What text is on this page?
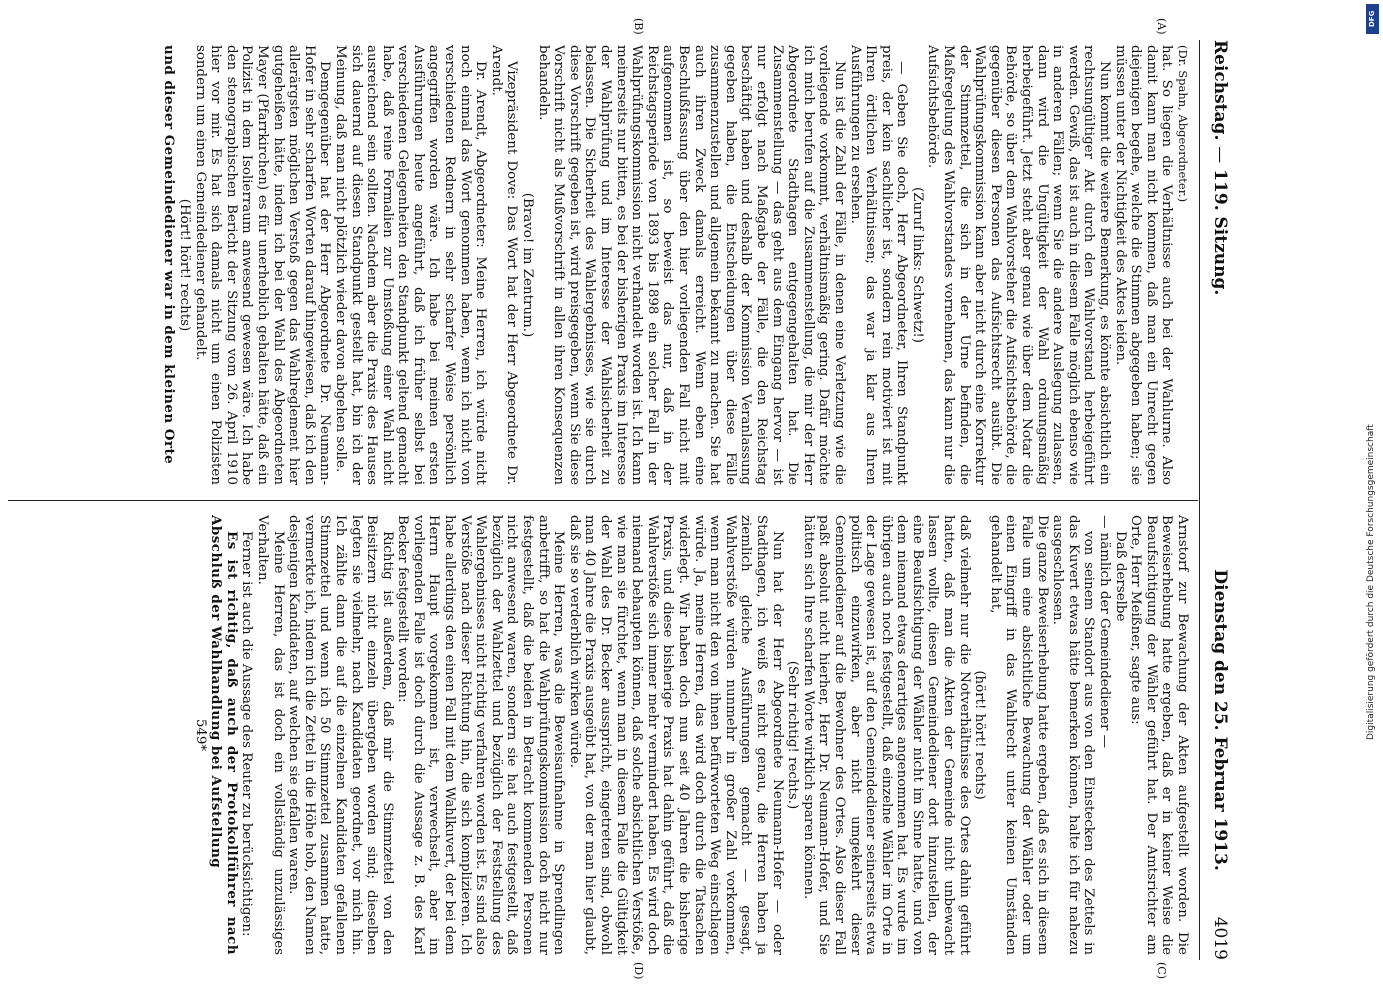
Reichstag. — 119. Sitzung.
Dienstag den 25. Februar 1913. 4019
(A)
(B)
(C)
(D)

(Dr. Spahn, Abgeordneter.)

hat. So liegen die Verhältnisse auch bei der Wahlurne. Also damit kann man nicht kommen, daß man ein Unrecht gegen diejenigen begehe, welche die Stimmen abgegeben haben; sie müssen unter der Nichtigkeit des Aktes leiden.

Nun kommt die weitere Bemerkung, es könnte absichtlich ein rechtsungültiger Akt durch den Wahlvorstand herbeigeführt werden. Gewiß, das ist auch in diesem Falle möglich ebenso wie in anderen Fällen; wenn Sie die andere Auslegung zulassen, dann wird die Ungültigkeit der Wahl ordnungsmäßig herbeigeführt. Jetzt steht aber genau wie über dem Notar die Behörde, so über dem Wahlvorsteher die Aufsichtsbehörde, die gegenüber diesen Personen das Aufsichtsrecht ausübt. Die Wahlprüfungskommission kann aber nicht durch eine Korrektur der Stimmzettel, die sich in der Urne befinden, die Maßregelung des Wahlvorstandes vornehmen, das kann nur die Aufsichtsbehörde.

(Zuruf links: Schwetz!)

— Geben Sie doch, Herr Abgeordneter, Ihren Standpunkt preis, der kein sachlicher ist, sondern rein motiviert ist mit Ihren örtlichen Verhältnissen; das war ja klar aus Ihren Ausführungen zu ersehen.

Nun ist die Zahl der Fälle, in denen eine Verletzung wie die vorliegende vorkommt, verhältnismäßig gering. Dafür möchte ich mich berufen auf die Zusammenstellung, die mir der Herr Abgeordnete Stadthagen entgegengehalten hat. Die Zusammenstellung — das geht aus dem Eingang hervor — ist nur erfolgt nach Maßgabe der Fälle, die den Reichstag beschäftigt haben und deshalb der Kommission Veranlassung gegeben haben, die Entscheidungen über diese Fälle zusammenzustellen und allgemein bekannt zu machen. Sie hat auch ihren Zweck damals erreicht. Wenn eben eine Beschlußfassung über den hier vorliegenden Fall nicht mit aufgenommen ist, so beweist das nur, daß in der Reichstagsperiode von 1893 bis 1898 ein solcher Fall in der Wahlprüfungskommission nicht verhandelt worden ist. Ich kann meinerseits nur bitten, es bei der bisherigen Praxis im Interesse der Wahlprüfung und im Interesse der Wahlsicherheit zu belassen. Die Sicherheit des Wahlergebnisses, wie sie durch diese Vorschrift gegeben ist, wird preisgegeben, wenn Sie diese Vorschrift nicht als Mußvorschrift in allen ihren Konsequenzen behandeln.

(Bravo! im Zentrum.)

Vizepräsident Dove: Das Wort hat der Herr Abgeordnete Dr. Arendt.

Dr. Arendt, Abgeordneter: Meine Herren, ich würde nicht noch einmal das Wort genommen haben, wenn ich nicht von verschiedenen Rednern in sehr scharfer Weise persönlich angegriffen worden wäre. Ich habe bei meinen ersten Ausführungen heute angeführt, daß ich früher selbst bei verschiedenen Gelegenheiten den Standpunkt geltend gemacht habe, daß reine Formalien zur Umstoßung einer Wahl nicht ausreichend sein sollten. Nachdem aber die Praxis des Hauses sich dauernd auf diesen Standpunkt gestellt hat, bin ich der Meinung, daß man nicht plötzlich wieder davon abgehen solle.

Demgegenüber hat der Herr Abgeordnete Dr. Neumann-Hofer in sehr scharfen Worten darauf hingewiesen, daß ich den allerärgsten möglichen Verstoß gegen das Wahlreglement hier gutgeheißen hätte, indem ich bei der Wahl des Abgeordneten Mayer (Pfarrkirchen) es für unerheblich gehalten hätte, daß ein Polizist in dem Isolierraum anwesend gewesen wäre. Ich habe den stenographischen Bericht der Sitzung vom 26. April 1910 hier vor mir. Es hat sich damals nicht um einen Polizisten sondern um einen Gemeindediener gehandelt.

(Hört! hört! rechts)

und dieser Gemeindediener war in dem kleinen Orte

Arnstorf zur Bewachung der Akten aufgestellt worden. Die Beweiserhebung hatte ergeben, daß er in keiner Weise die Beaufsichtigung der Wähler geführt hat. Der Amtsrichter am Orte, Herr Meißner, sagte aus:

Daß derselbe

— nämlich der Gemeindediener —

von seinem Standort aus von den Einstecken des Zettels in das Kuvert etwas hätte bemerken können, halte ich für nahezu ausgeschlossen.

Die ganze Beweiserhebung hatte ergeben, daß es sich in diesem Falle um eine absichtliche Bewachung der Wähler oder um einen Eingriff in das Wahlrecht unter keinen Umständen gehandelt hat,

(hört! hört! rechts)

daß vielmehr nur die Notverhältnisse des Ortes dahin geführt hatten, daß man die Akten der Gemeinde nicht unbewacht lassen wollte, diesen Gemeindediener dort hinzustellen, der eine Beaufsichtigung der Wähler nicht im Sinne hatte, und von dem niemand etwas derartiges angenommen hat. Es wurde im übrigen auch noch festgestellt, daß einzelne Wähler im Orte in der Lage gewesen ist, auf den Gemeindediener seinerseits etwa politisch einzuwirken, aber nicht umgekehrt dieser Gemeindediener auf die Bewohner des Ortes. Also dieser Fall paßt absolut nicht hierher, Herr Dr. Neumann-Hofer, und Sie hätten sich Ihre scharfen Worte wirklich sparen können.

(Sehr richtig! rechts.)

Nun hat der Herr Abgeordnete Neumann-Hofer — oder Stadthagen, ich weiß es nicht genau, die Herren haben ja ziemlich gleiche Ausführungen gemacht — gesagt, Wahlverstöße würden nunmehr in großer Zahl vorkommen, wenn man nicht den von ihnen befürworteten Weg einschlagen würde. Ja, meine Herren, das wird doch durch die Tatsachen widerlegt. Wir haben doch nun seit 40 Jahren die bisherige Praxis, und diese bisherige Praxis hat dahin geführt, daß die Wahlverstöße sich immer mehr vermindert haben. Es wird doch niemand behaupten können, daß solche absichtlichen Verstöße, wie man sie fürchtet, wenn man in diesem Falle die Gültigkeit der Wahl des Dr. Becker ausspricht, eingetreten sind, obwohl man 40 Jahre die Praxis ausgeübt hat, von der man hier glaubt, daß sie so verderblich wirken würde.

Meine Herren, was die Beweisaufnahme in Sprendlingen anbetrifft, so hat die Wahlprüfungskommission doch nicht nur festgestellt, daß die beiden in Betracht kommenden Personen nicht anwesend waren, sondern sie hat auch festgestellt, daß bezüglich der Wahlzettel und bezüglich der Feststellung des Wahlergebnisses nicht richtig verfahren worden ist. Es sind also Verstöße nach dieser Richtung hin, die sich komplizieren. Ich habe allerdings den einen Fall mit dem Wahlkuvert, der bei dem Herrn Haupt vorgekommen ist, verwechselt, aber im vorliegenden Falle ist doch durch die Aussage z. B. des Karl Becker festgestellt worden:

Richtig ist außerdem, daß mir die Stimmzettel von den Beisitzern nicht einzeln übergeben worden sind; dieselben legten sie vielmehr, nach Kandidaten geordnet, vor mich hin. Ich zählte dann die auf die einzelnen Kandidaten gefallenen Stimmzettel und wenn ich 50 Stimmzettel zusammen hatte, vermerkte ich, indem ich die Zettel in die Höhe hob, den Namen desjenigen Kandidaten, auf welchen sie gefallen waren.

Meine Herren, das ist doch ein vollständig unzulässiges Verhalten.

Ferner ist auch die Aussage des Reuter zu berücksichtigen:

Es ist richtig, daß auch der Protokollführer nach Abschluß der Wahlhandlung bei Aufstellung

549*

DFG
Digitalisierung gefördert durch die Deutsche Forschungsgemeinschaft
